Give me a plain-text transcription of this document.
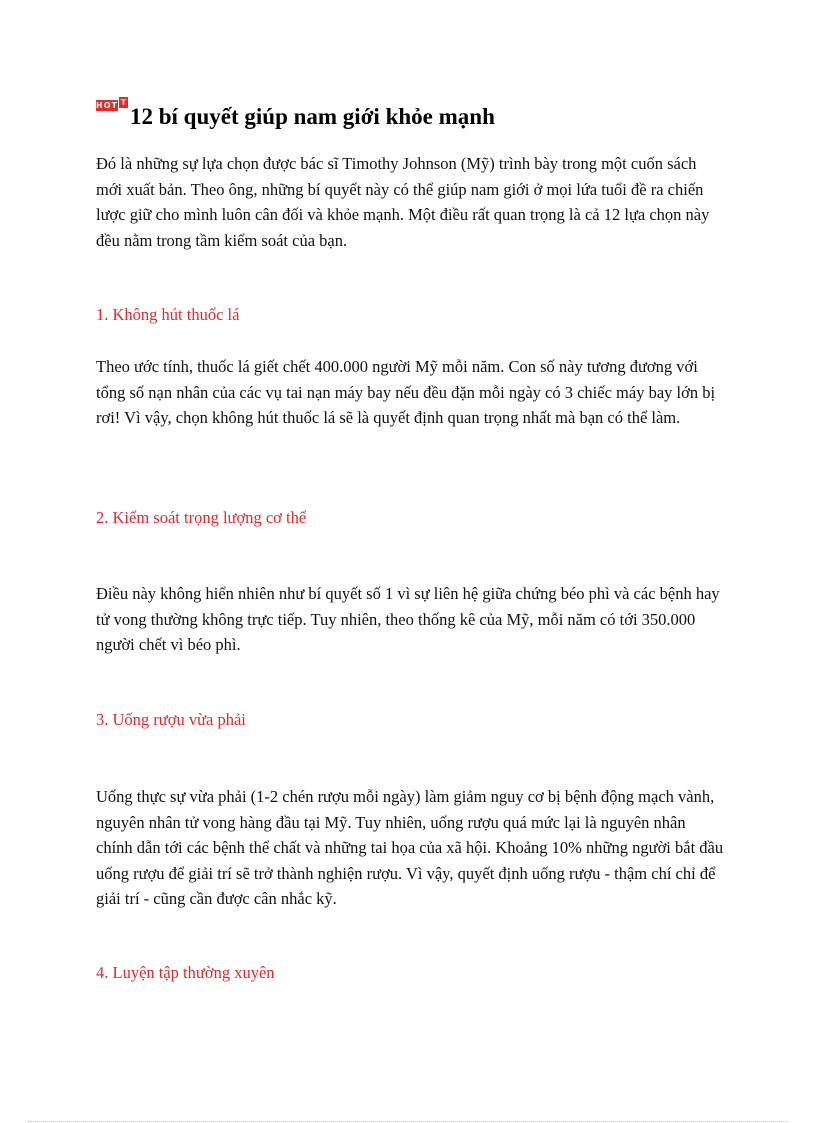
HOT T12 bí quyết giúp nam giới khỏe mạnh

Đó là những sự lựa chọn được bác sĩ Timothy Johnson (Mỹ) trình bày trong một cuốn sách mới xuất bản. Theo ông, những bí quyết này có thể giúp nam giới ở mọi lứa tuổi đề ra chiến lược giữ cho mình luôn cân đối và khỏe mạnh. Một điều rất quan trọng là cả 12 lựa chọn này đều nằm trong tầm kiểm soát của bạn.

1. Không hút thuốc lá

Theo ước tính, thuốc lá giết chết 400.000 người Mỹ mỗi năm. Con số này tương đương với tổng số nạn nhân của các vụ tai nạn máy bay nếu đều đặn mỗi ngày có 3 chiếc máy bay lớn bị rơi! Vì vậy, chọn không hút thuốc lá sẽ là quyết định quan trọng nhất mà bạn có thể làm.

2. Kiểm soát trọng lượng cơ thể

Điều này không hiển nhiên như bí quyết số 1 vì sự liên hệ giữa chứng béo phì và các bệnh hay tử vong thường không trực tiếp. Tuy nhiên, theo thống kê của Mỹ, mỗi năm có tới 350.000 người chết vì béo phì.

3. Uống rượu vừa phải

Uống thực sự vừa phải (1-2 chén rượu mỗi ngày) làm giảm nguy cơ bị bệnh động mạch vành, nguyên nhân tử vong hàng đầu tại Mỹ. Tuy nhiên, uống rượu quá mức lại là nguyên nhân chính dẫn tới các bệnh thể chất và những tai họa của xã hội. Khoảng 10% những người bắt đầu uống rượu để giải trí sẽ trở thành nghiện rượu. Vì vậy, quyết định uống rượu - thậm chí chỉ để giải trí - cũng cần được cân nhắc kỹ.

4. Luyện tập thường xuyên
